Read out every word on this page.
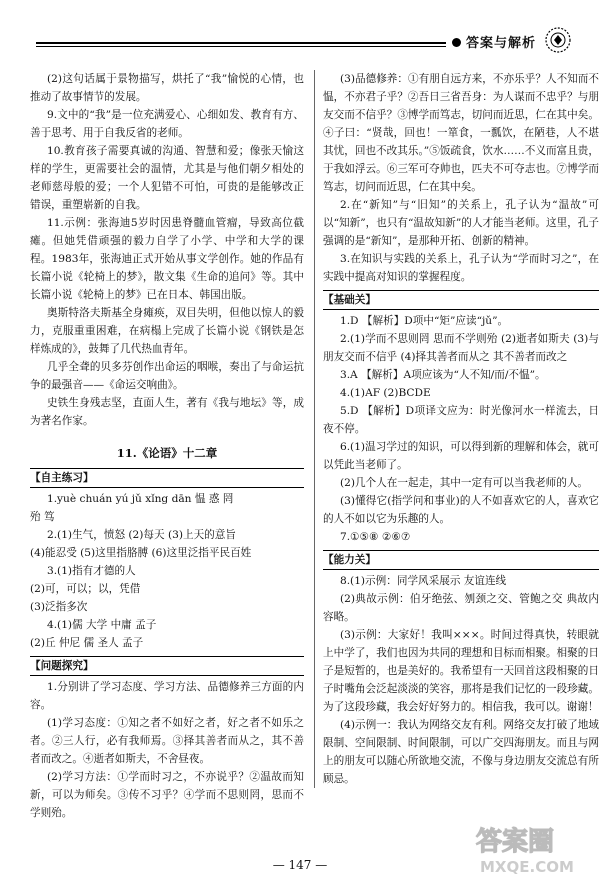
答案与解析

(2)这句话属于景物描写，烘托了“我”愉悦的心情，也推动了故事情节的发展。

9.文中的“我”是一位充满爱心、心细如发、教育有方、善于思考、用于自我反省的老师。

10.教育孩子需要真诚的沟通、智慧和爱；像张天愉这样的学生，更需要社会的温情，尤其是与他们朝夕相处的老师慈母般的爱；一个人犯错不可怕，可贵的是能够改正错误，重塑崭新的自我。

11.示例：张海迪5岁时因患脊髓血管瘤，导致高位截瘫。但她凭借顽强的毅力自学了小学、中学和大学的课程。1983年，张海迪正式开始从事文学创作。她的作品有长篇小说《轮椅上的梦》，散文集《生命的追问》等。其中长篇小说《轮椅上的梦》已在日本、韩国出版。

奥斯特洛夫斯基全身瘫痪，双目失明，但他以惊人的毅力，克服重重困难，在病榻上完成了长篇小说《钢铁是怎样炼成的》，鼓舞了几代热血青年。

几乎全聋的贝多芬创作出命运的咽喉，奏出了与命运抗争的最强音——《命运交响曲》。

史铁生身残志坚，直面人生，著有《我与地坛》等，成为著名作家。

11.《论语》十二章
【自主练习】

1.yuè chuán yú jǔ xǐng dān 愠 惑 罔

殆 笃

2.(1)生气，愤怒 (2)每天 (3)上天的意旨

(4)能忍受 (5)这里指胳膊 (6)这里泛指平民百姓

3.(1)指有才德的人

(2)可，可以；以，凭借

(3)泛指多次

4.(1)儒 大学 中庸 孟子

(2)丘 仲尼 儒 圣人 孟子

【问题探究】

1.分别讲了学习态度、学习方法、品德修养三方面的内容。

(1)学习态度：①知之者不如好之者，好之者不如乐之者。②三人行，必有我师焉。③择其善者而从之，其不善者而改之。④逝者如斯夫，不舍昼夜。

(2)学习方法：①学而时习之，不亦说乎？②温故而知新，可以为师矣。③传不习乎？④学而不思则罔，思而不学则殆。

(3)品德修养：①有朋自远方来，不亦乐乎？人不知而不愠，不亦君子乎？②吾日三省吾身：为人谋而不忠乎？与朋友交而不信乎？③博学而笃志，切问而近思，仁在其中矣。④子曰：“贤哉，回也！一箪食，一瓢饮，在陋巷，人不堪其忧，回也不改其乐。”⑤饭疏食，饮水……不义而富且贵，于我如浮云。⑥三军可夺帅也，匹夫不可夺志也。⑦博学而笃志，切问而近思，仁在其中矣。

2.在“新知”与“旧知”的关系上，孔子认为“温故”可以“知新”，也只有“温故知新”的人才能当老师。这里，孔子强调的是“新知”，是那种开拓、创新的精神。

3.在知识与实践的关系上，孔子认为“学而时习之”，在实践中提高对知识的掌握程度。

【基础关】

1.D 【解析】D项中“矩”应读“jǔ”。

2.(1)学而不思则罔 思而不学则殆 (2)逝者如斯夫 (3)与朋友交而不信乎 (4)择其善者而从之 其不善者而改之

3.A 【解析】A项应该为“人不知/而/不愠”。

4.(1)AF (2)BCDE

5.D 【解析】D项译文应为：时光像河水一样流去，日夜不停。

6.(1)温习学过的知识，可以得到新的理解和体会，就可以凭此当老师了。

(2)几个人在一起走，其中一定有可以当我老师的人。

(3)懂得它(指学问和事业)的人不如喜欢它的人，喜欢它的人不如以它为乐趣的人。

7.①⑤⑧ ②⑥⑦

【能力关】

8.(1)示例：同学风采展示 友谊连线

(2)典故示例：伯牙绝弦、刎颈之交、管鲍之交 典故内容略。

(3)示例：大家好！我叫×××。时间过得真快，转眼就上中学了，我们也因为共同的理想和目标而相聚。相聚的日子是短暂的，也是美好的。我希望有一天回首这段相聚的日子时嘴角会泛起淡淡的笑容，那将是我们记忆的一段珍藏。为了这段珍藏，我会好好努力的。相信我，我可以。谢谢！

(4)示例一：我认为网络交友有利。网络交友打破了地域限制、空间限制、时间限制，可以广交四海朋友。而且与网上的朋友可以随心所欲地交流，不像与身边朋友交流总有所顾忌。

— 147 —
答案圈
MXQE.COM
